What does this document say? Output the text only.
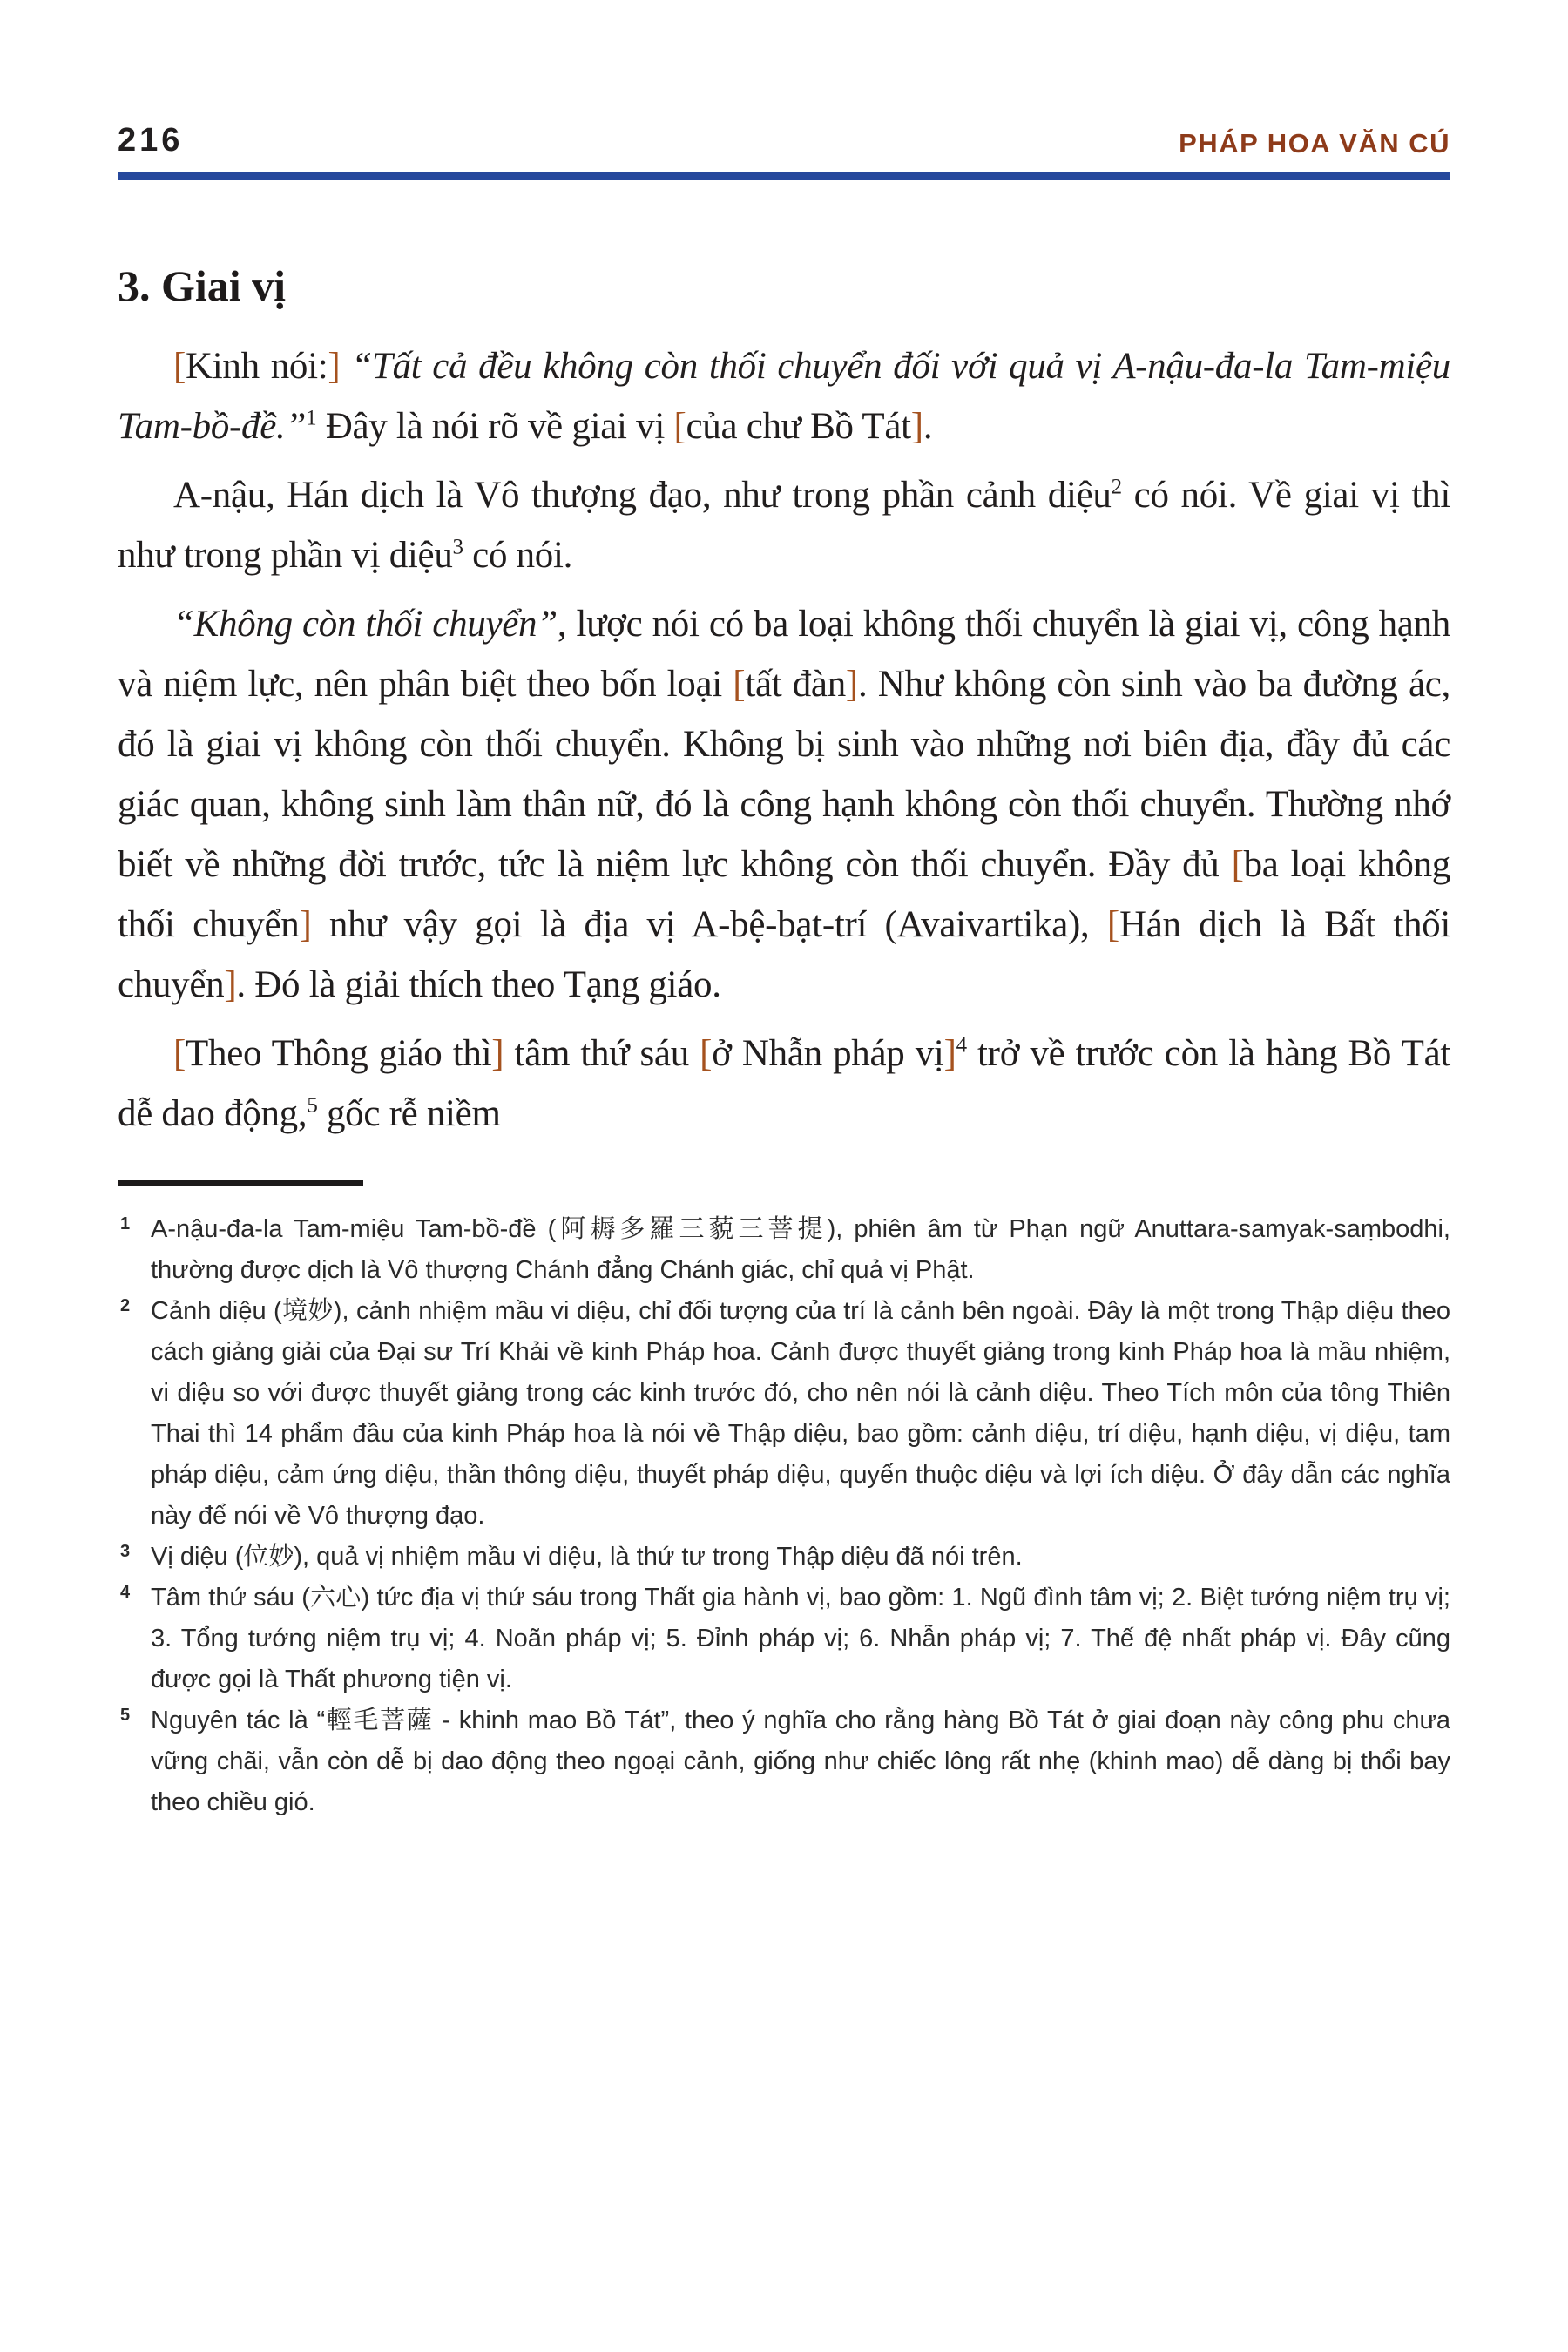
216	PHÁP HOA VĂN CÚ
3. Giai vị

[Kinh nói:] “Tất cả đều không còn thối chuyển đối với quả vị A-nậu-đa-la Tam-miệu Tam-bồ-đề.”$^1$ Đây là nói rõ về giai vị [của chư Bồ Tát].

A-nậu, Hán dịch là Vô thượng đạo, như trong phần cảnh diệu$^2$ có nói. Về giai vị thì như trong phần vị diệu$^3$ có nói.

“Không còn thối chuyển”, lược nói có ba loại không thối chuyển là giai vị, công hạnh và niệm lực, nên phân biệt theo bốn loại [tất đàn]. Như không còn sinh vào ba đường ác, đó là giai vị không còn thối chuyển. Không bị sinh vào những nơi biên địa, đầy đủ các giác quan, không sinh làm thân nữ, đó là công hạnh không còn thối chuyển. Thường nhớ biết về những đời trước, tức là niệm lực không còn thối chuyển. Đầy đủ [ba loại không thối chuyển] như vậy gọi là địa vị A-bệ-bạt-trí (Avaivartika), [Hán dịch là Bất thối chuyển]. Đó là giải thích theo Tạng giáo.

[Theo Thông giáo thì] tâm thứ sáu [ở Nhẫn pháp vị]$^4$ trở về trước còn là hàng Bồ Tát dễ dao động,$^5$ gốc rễ niềm

1 A-nậu-đa-la Tam-miệu Tam-bồ-đề (阿耨多羅三藐三菩提), phiên âm từ Phạn ngữ Anuttara-samyak-saṃbodhi, thường được dịch là Vô thượng Chánh đẳng Chánh giác, chỉ quả vị Phật.
2 Cảnh diệu (境妙), cảnh nhiệm mầu vi diệu, chỉ đối tượng của trí là cảnh bên ngoài. Đây là một trong Thập diệu theo cách giảng giải của Đại sư Trí Khải về kinh Pháp hoa. Cảnh được thuyết giảng trong kinh Pháp hoa là mầu nhiệm, vi diệu so với được thuyết giảng trong các kinh trước đó, cho nên nói là cảnh diệu. Theo Tích môn của tông Thiên Thai thì 14 phẩm đầu của kinh Pháp hoa là nói về Thập diệu, bao gồm: cảnh diệu, trí diệu, hạnh diệu, vị diệu, tam pháp diệu, cảm ứng diệu, thần thông diệu, thuyết pháp diệu, quyến thuộc diệu và lợi ích diệu. Ở đây dẫn các nghĩa này để nói về Vô thượng đạo.
3 Vị diệu (位妙), quả vị nhiệm mầu vi diệu, là thứ tư trong Thập diệu đã nói trên.
4 Tâm thứ sáu (六心) tức địa vị thứ sáu trong Thất gia hành vị, bao gồm: 1. Ngũ đình tâm vị; 2. Biệt tướng niệm trụ vị; 3. Tổng tướng niệm trụ vị; 4. Noãn pháp vị; 5. Đỉnh pháp vị; 6. Nhẫn pháp vị; 7. Thế đệ nhất pháp vị. Đây cũng được gọi là Thất phương tiện vị.
5 Nguyên tác là “輕毛菩薩 - khinh mao Bồ Tát”, theo ý nghĩa cho rằng hàng Bồ Tát ở giai đoạn này công phu chưa vững chãi, vẫn còn dễ bị dao động theo ngoại cảnh, giống như chiếc lông rất nhẹ (khinh mao) dễ dàng bị thổi bay theo chiều gió.
